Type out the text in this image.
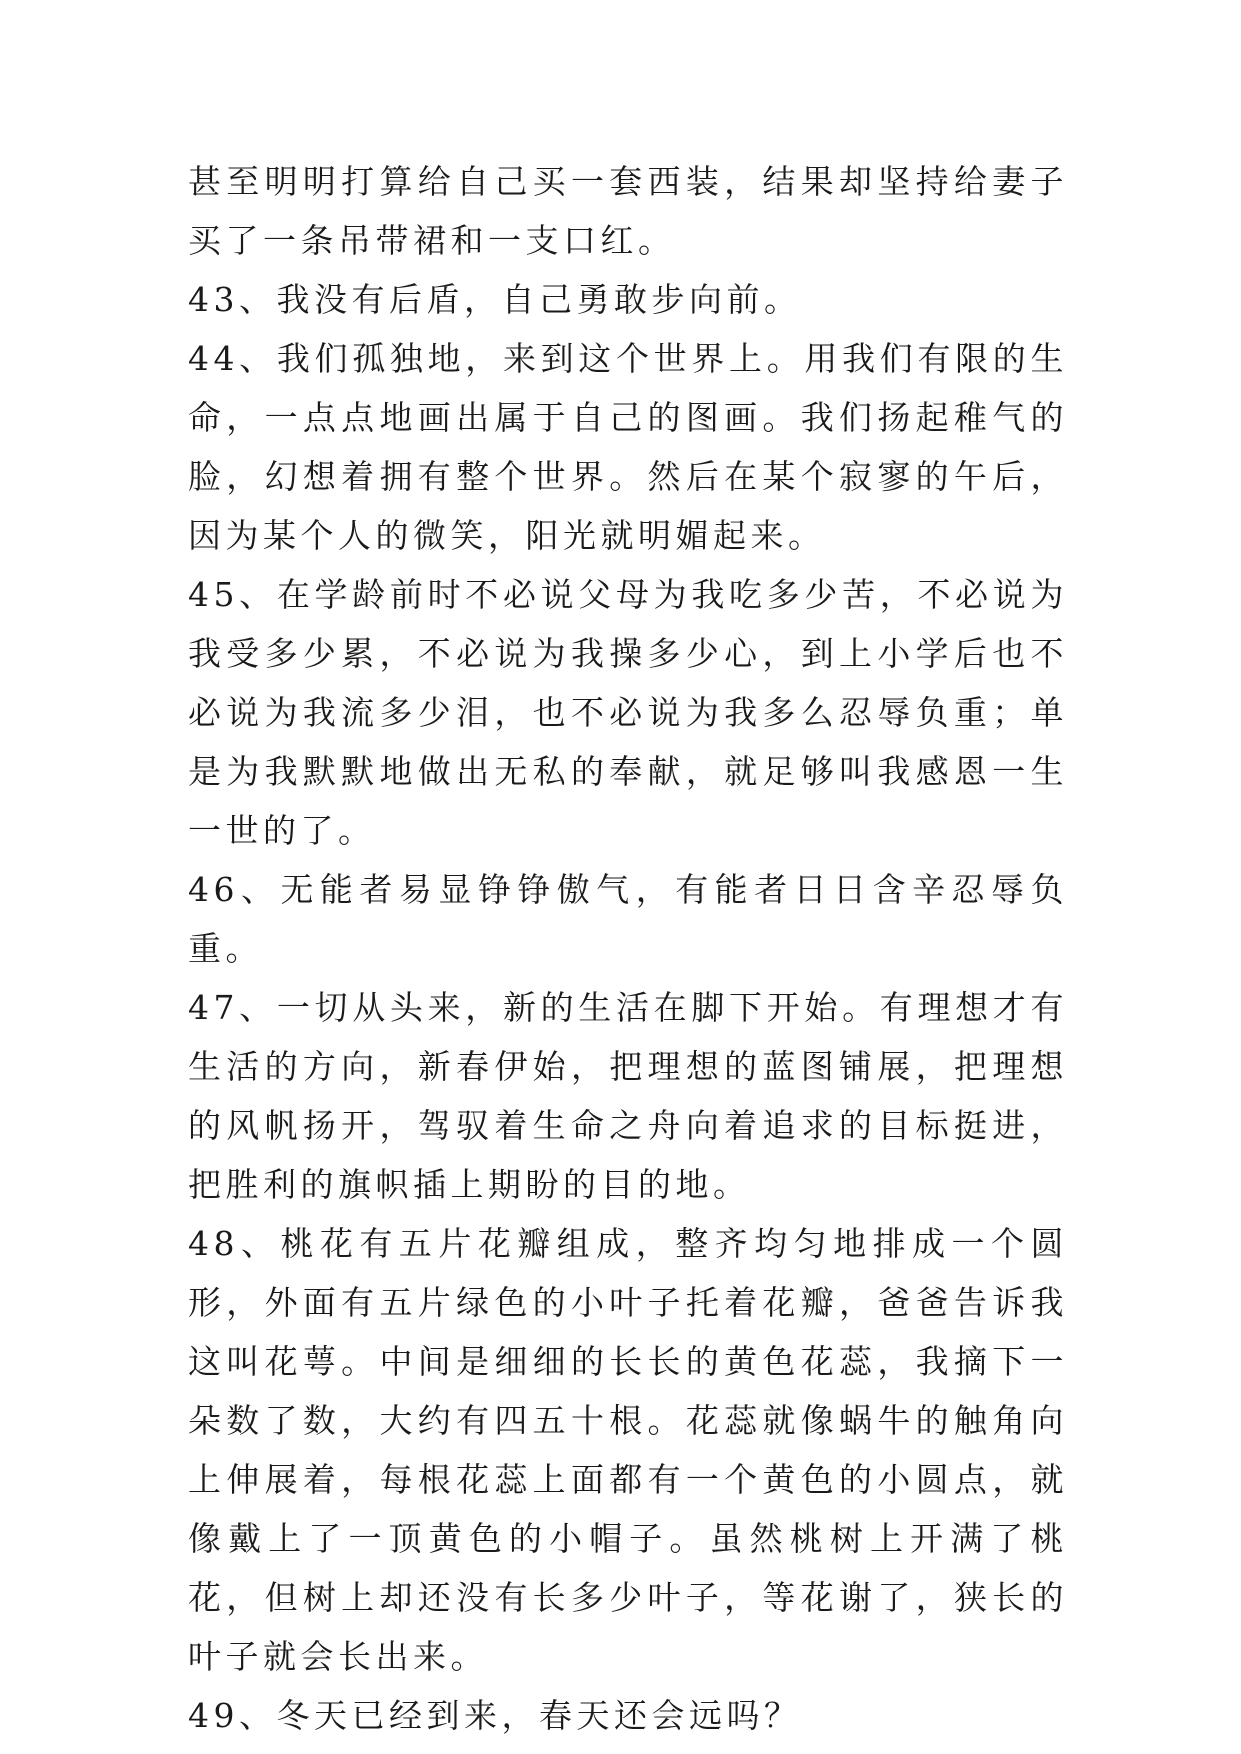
甚至明明打算给自己买一套西装，结果却坚持给妻子买了一条吊带裙和一支口红。

43、我没有后盾，自己勇敢步向前。

44、我们孤独地，来到这个世界上。用我们有限的生命，一点点地画出属于自己的图画。我们扬起稚气的脸，幻想着拥有整个世界。然后在某个寂寥的午后，因为某个人的微笑，阳光就明媚起来。

45、在学龄前时不必说父母为我吃多少苦，不必说为我受多少累，不必说为我操多少心，到上小学后也不必说为我流多少泪，也不必说为我多么忍辱负重；单是为我默默地做出无私的奉献，就足够叫我感恩一生一世的了。

46、无能者易显铮铮傲气，有能者日日含辛忍辱负重。

47、一切从头来，新的生活在脚下开始。有理想才有生活的方向，新春伊始，把理想的蓝图铺展，把理想的风帆扬开，驾驭着生命之舟向着追求的目标挺进，把胜利的旗帜插上期盼的目的地。

48、桃花有五片花瓣组成，整齐均匀地排成一个圆形，外面有五片绿色的小叶子托着花瓣，爸爸告诉我这叫花萼。中间是细细的长长的黄色花蕊，我摘下一朵数了数，大约有四五十根。花蕊就像蜗牛的触角向上伸展着，每根花蕊上面都有一个黄色的小圆点，就像戴上了一顶黄色的小帽子。虽然桃树上开满了桃花，但树上却还没有长多少叶子，等花谢了，狭长的叶子就会长出来。

49、冬天已经到来，春天还会远吗？
